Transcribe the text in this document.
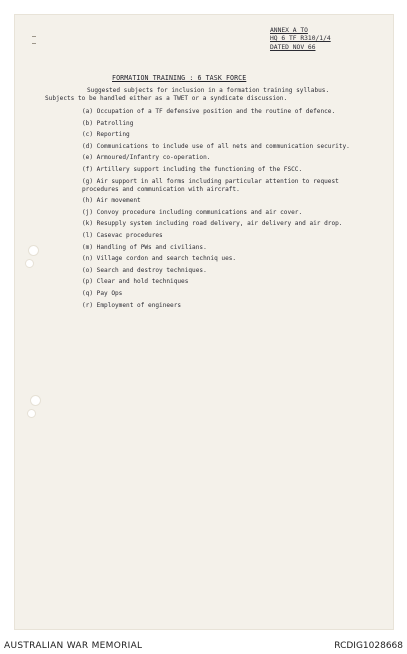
ANNEX A TO
HQ 6 TF R310/1/4
DATED NOV 66
FORMATION TRAINING : 6 TASK FORCE
Suggested subjects for inclusion in a formation training syllabus.
Subjects to be handled either as a TWET or a syndicate discussion.
(a) Occupation of a TF defensive position and the routine of defence.
(b) Patrolling
(c) Reporting
(d) Communications to include use of all nets and communication security.
(e) Armoured/Infantry co-operation.
(f) Artillery support including the functioning of the FSCC.
(g) Air support in all forms including particular attention to request
procedures and communication with aircraft.
(h) Air movement
(j) Convoy procedure including communications and air cover.
(k) Resupply system including road delivery, air delivery and air drop.
(l) Casevac procedures
(m) Handling of PWs and civilians.
(n) Village cordon and search techniq ues.
(o) Search and destroy techniques.
(p) Clear and hold techniques
(q) Pay Ops
(r) Employment of engineers
AUSTRALIAN WAR MEMORIAL	RCDIG1028668
